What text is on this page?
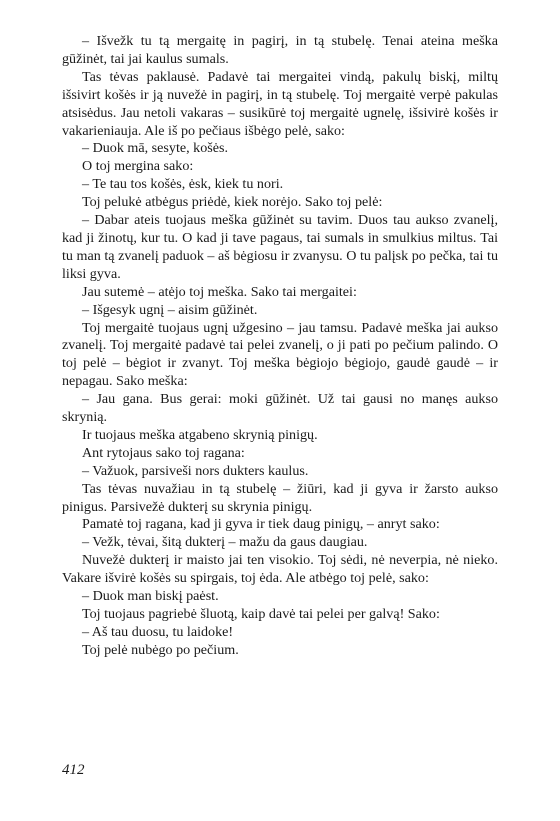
– Išvežk tu tą mergaitę in pagirį, in tą stubelę. Tenai ateina meška gūžinėt, tai jai kaulus sumals.

Tas tėvas paklausė. Padavė tai mergaitei vindą, pakulų biskį, miltų išsivirt košės ir ją nuvežė in pagirį, in tą stubelę. Toj mergaitė verpė pakulas atsisėdus. Jau netoli vakaras – susikūrė toj mergaitė ugnelę, išsivirė košės ir vakarieniauja. Ale iš po pečiaus išbėgo pelė, sako:

– Duok mā, sesyte, košės.

O toj mergina sako:

– Te tau tos košės, ėsk, kiek tu nori.

Toj pelukė atbėgus priėdė, kiek norėjo. Sako toj pelė:

– Dabar ateis tuojaus meška gūžinėt su tavim. Duos tau aukso zvanelį, kad ji žinotų, kur tu. O kad ji tave pagaus, tai sumals in smulkius miltus. Tai tu man tą zvanelį paduok – aš bėgiosu ir zvanysu. O tu palįsk po pečka, tai tu liksi gyva.

Jau sutemė – atėjo toj meška. Sako tai mergaitei:

– Išgesyk ugnį – aisim gūžinėt.

Toj mergaitė tuojaus ugnį užgesino – jau tamsu. Padavė meška jai aukso zvanelį. Toj mergaitė padavė tai pelei zvanelį, o ji pati po pečium palindo. O toj pelė – bėgiot ir zvanyt. Toj meška bėgiojo bėgiojo, gaudė gaudė – ir nepagau. Sako meška:

– Jau gana. Bus gerai: moki gūžinėt. Už tai gausi no manęs aukso skrynią.

Ir tuojaus meška atgabeno skrynią pinigų.

Ant rytojaus sako toj ragana:

– Važuok, parsiveši nors dukters kaulus.

Tas tėvas nuvažiau in tą stubelę – žiūri, kad ji gyva ir žarsto aukso pinigus. Parsivežė dukterį su skrynia pinigų.

Pamatė toj ragana, kad ji gyva ir tiek daug pinigų, – anryt sako:

– Vežk, tėvai, šitą dukterį – mažu da gaus daugiau.

Nuvežė dukterį ir maisto jai ten visokio. Toj sėdi, nė neverpia, nė nieko. Vakare išvirė košės su spirgais, toj ėda. Ale atbėgo toj pelė, sako:

– Duok man biskį paėst.

Toj tuojaus pagriebė šluotą, kaip davė tai pelei per galvą! Sako:

– Aš tau duosu, tu laidoke!

Toj pelė nubėgo po pečium.

412
